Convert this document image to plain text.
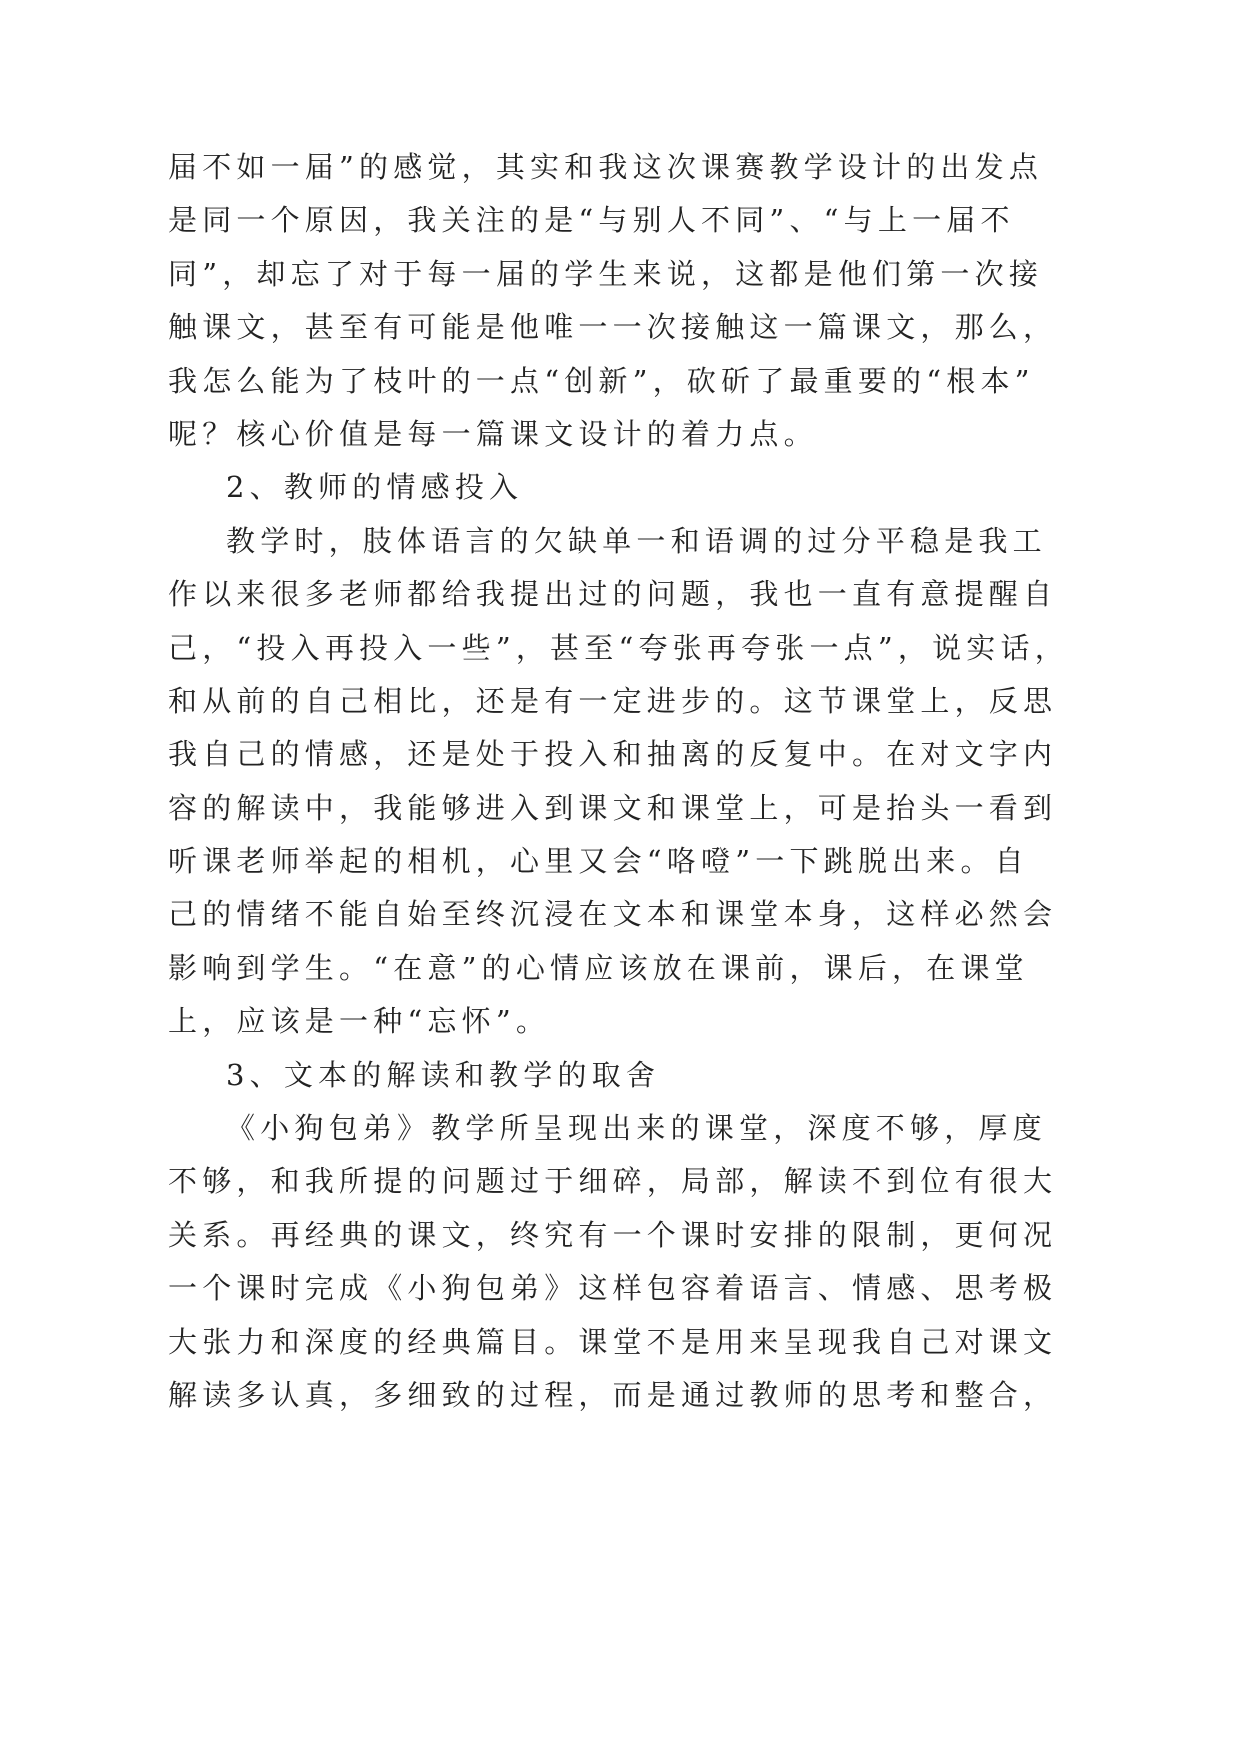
届不如一届”的感觉，其实和我这次课赛教学设计的出发点
是同一个原因，我关注的是“与别人不同”、“与上一届不
同”，却忘了对于每一届的学生来说，这都是他们第一次接
触课文，甚至有可能是他唯一一次接触这一篇课文，那么，
我怎么能为了枝叶的一点“创新”，砍斫了最重要的“根本”
呢？核心价值是每一篇课文设计的着力点。
2、教师的情感投入
教学时，肢体语言的欠缺单一和语调的过分平稳是我工
作以来很多老师都给我提出过的问题，我也一直有意提醒自
己，“投入再投入一些”，甚至“夸张再夸张一点”，说实话，
和从前的自己相比，还是有一定进步的。这节课堂上，反思
我自己的情感，还是处于投入和抽离的反复中。在对文字内
容的解读中，我能够进入到课文和课堂上，可是抬头一看到
听课老师举起的相机，心里又会“咯噔”一下跳脱出来。自
己的情绪不能自始至终沉浸在文本和课堂本身，这样必然会
影响到学生。“在意”的心情应该放在课前，课后，在课堂
上，应该是一种“忘怀”。
3、文本的解读和教学的取舍
《小狗包弟》教学所呈现出来的课堂，深度不够，厚度
不够，和我所提的问题过于细碎，局部，解读不到位有很大
关系。再经典的课文，终究有一个课时安排的限制，更何况
一个课时完成《小狗包弟》这样包容着语言、情感、思考极
大张力和深度的经典篇目。课堂不是用来呈现我自己对课文
解读多认真，多细致的过程，而是通过教师的思考和整合，
